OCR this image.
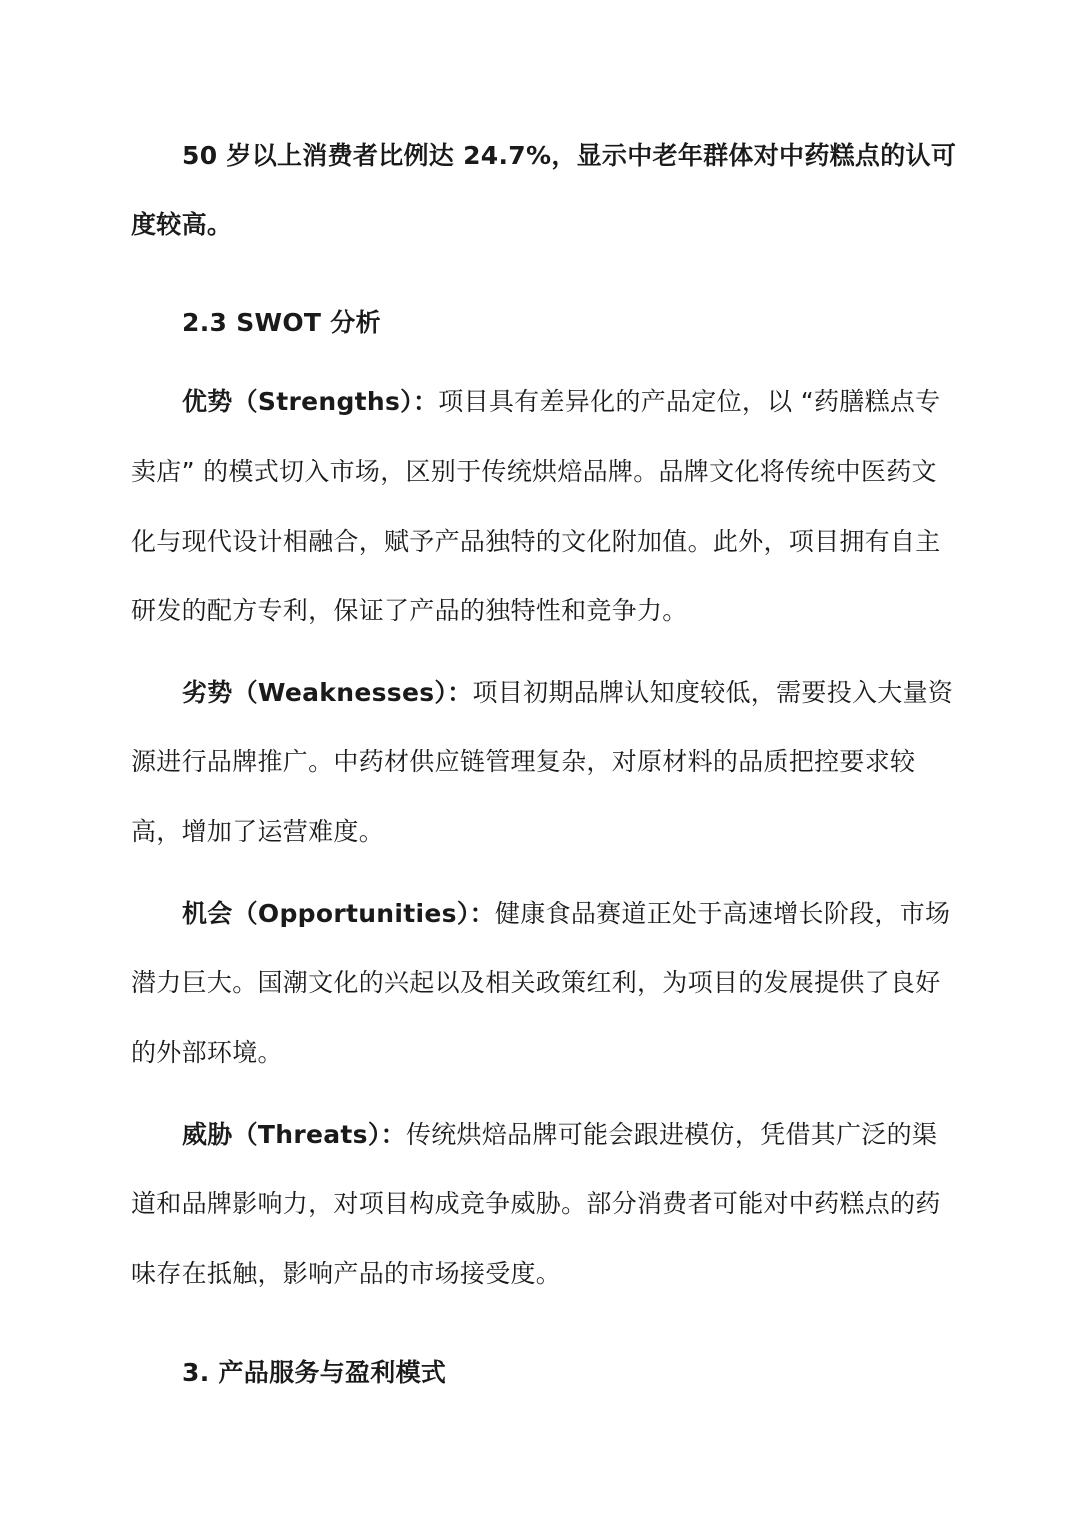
50 岁以上消费者比例达 24.7%，显示中老年群体对中药糕点的认可
度较高。
2.3 SWOT 分析
优势（Strengths）：项目具有差异化的产品定位，以 “药膳糕点专
卖店” 的模式切入市场，区别于传统烘焙品牌。品牌文化将传统中医药文
化与现代设计相融合，赋予产品独特的文化附加值。此外，项目拥有自主
研发的配方专利，保证了产品的独特性和竞争力。
劣势（Weaknesses）：项目初期品牌认知度较低，需要投入大量资
源进行品牌推广。中药材供应链管理复杂，对原材料的品质把控要求较
高，增加了运营难度。
机会（Opportunities）：健康食品赛道正处于高速增长阶段，市场
潜力巨大。国潮文化的兴起以及相关政策红利，为项目的发展提供了良好
的外部环境。
威胁（Threats）：传统烘焙品牌可能会跟进模仿，凭借其广泛的渠
道和品牌影响力，对项目构成竞争威胁。部分消费者可能对中药糕点的药
味存在抵触，影响产品的市场接受度。
3. 产品服务与盈利模式
